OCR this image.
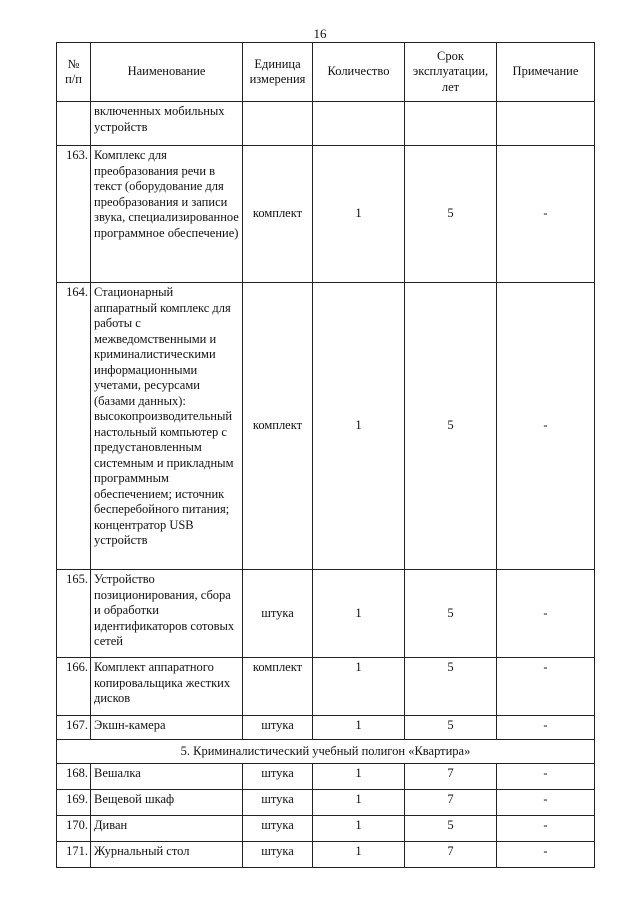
16
№
п/п	Наименование	Единица измерения	Количество	Срок эксплуатации, лет	Примечание
	включенных мобильных устройств				
163.	Комплекс для преобразования речи в текст (оборудование для преобразования и записи звука, специализированное программное обеспечение)	комплект	1	5	-
164.	Стационарный аппаратный комплекс для работы с межведомственными и криминалистическими информационными учетами, ресурсами (базами данных): высокопроизводительный настольный компьютер с предустановленным системным и прикладным программным обеспечением; источник бесперебойного питания; концентратор USB устройств	комплект	1	5	-
165.	Устройство позиционирования, сбора и обработки идентификаторов сотовых сетей	штука	1	5	-
166.	Комплект аппаратного копировальщика жестких дисков	комплект	1	5	-
167.	Экшн-камера	штука	1	5	-
5. Криминалистический учебный полигон «Квартира»					
168.	Вешалка	штука	1	7	-
169.	Вещевой шкаф	штука	1	7	-
170.	Диван	штука	1	5	-
171.	Журнальный стол	штука	1	7	-
